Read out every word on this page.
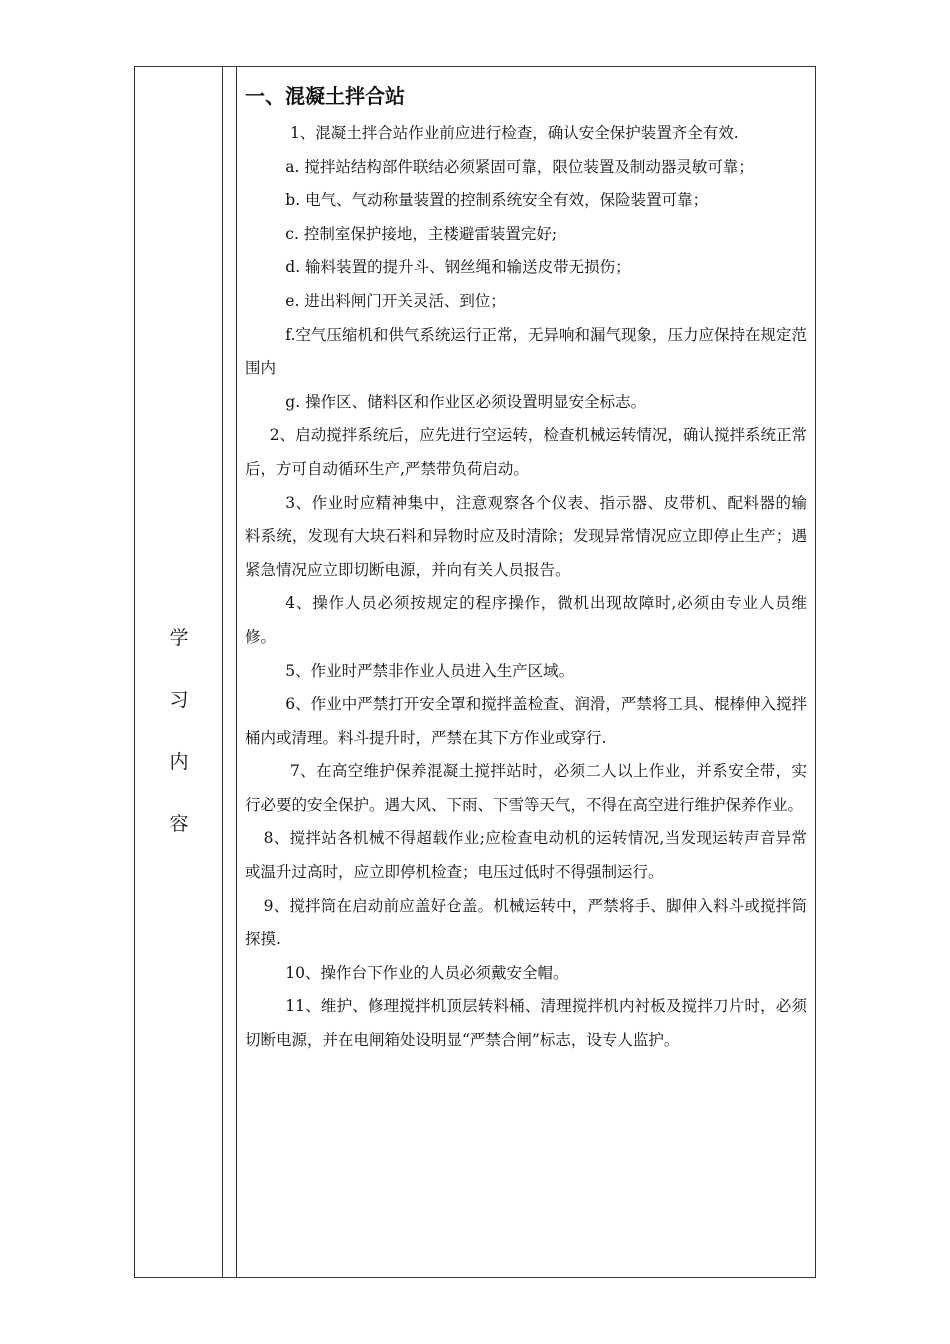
学
习
内
容
一、混凝土拌合站

1、混凝土拌合站作业前应进行检查，确认安全保护装置齐全有效.

a. 搅拌站结构部件联结必须紧固可靠，限位装置及制动器灵敏可靠；

b. 电气、气动称量装置的控制系统安全有效，保险装置可靠；

c. 控制室保护接地，主楼避雷装置完好;

d. 输料装置的提升斗、钢丝绳和输送皮带无损伤；

e. 进出料闸门开关灵活、到位；

f.空气压缩机和供气系统运行正常，无异响和漏气现象，压力应保持在规定范围内

g. 操作区、储料区和作业区必须设置明显安全标志。

2、启动搅拌系统后，应先进行空运转，检查机械运转情况，确认搅拌系统正常后，方可自动循环生产,严禁带负荷启动。

3、作业时应精神集中，注意观察各个仪表、指示器、皮带机、配料器的输　料系统，发现有大块石料和异物时应及时清除；发现异常情况应立即停止生产；遇紧急情况应立即切断电源，并向有关人员报告。

4、操作人员必须按规定的程序操作，微机出现故障时,必须由专业人员维修。

5、作业时严禁非作业人员进入生产区域。

6、作业中严禁打开安全罩和搅拌盖检查、润滑，严禁将工具、棍棒伸入搅拌桶内或清理。料斗提升时，严禁在其下方作业或穿行.

7、在高空维护保养混凝土搅拌站时，必须二人以上作业，并系安全带，实行必要的安全保护。遇大风、下雨、下雪等天气，不得在高空进行维护保养作业。

8、搅拌站各机械不得超载作业;应检查电动机的运转情况,当发现运转声音异常或温升过高时，应立即停机检查；电压过低时不得强制运行。

9、搅拌筒在启动前应盖好仓盖。机械运转中，严禁将手、脚伸入料斗或搅拌筒探摸.

10、操作台下作业的人员必须戴安全帽。

11、维护、修理搅拌机顶层转料桶、清理搅拌机内衬板及搅拌刀片时，必须切断电源，并在电闸箱处设明显“严禁合闸”标志，设专人监护。
